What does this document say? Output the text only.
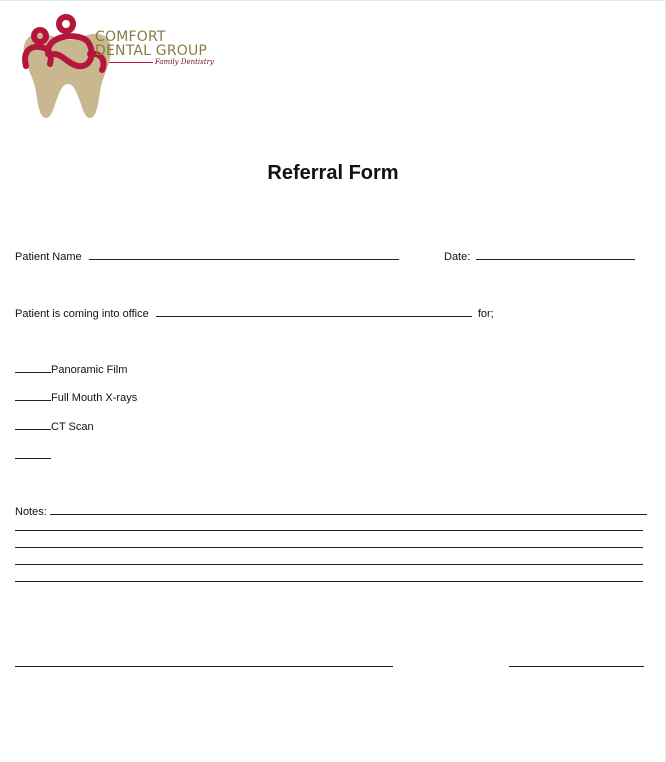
COMFORT
DENTAL GROUP
Family Dentistry
Referral Form
Patient Name	Date:
Patient is coming into office	for;
Panoramic Film
Full Mouth X-rays
CT Scan
Notes:
